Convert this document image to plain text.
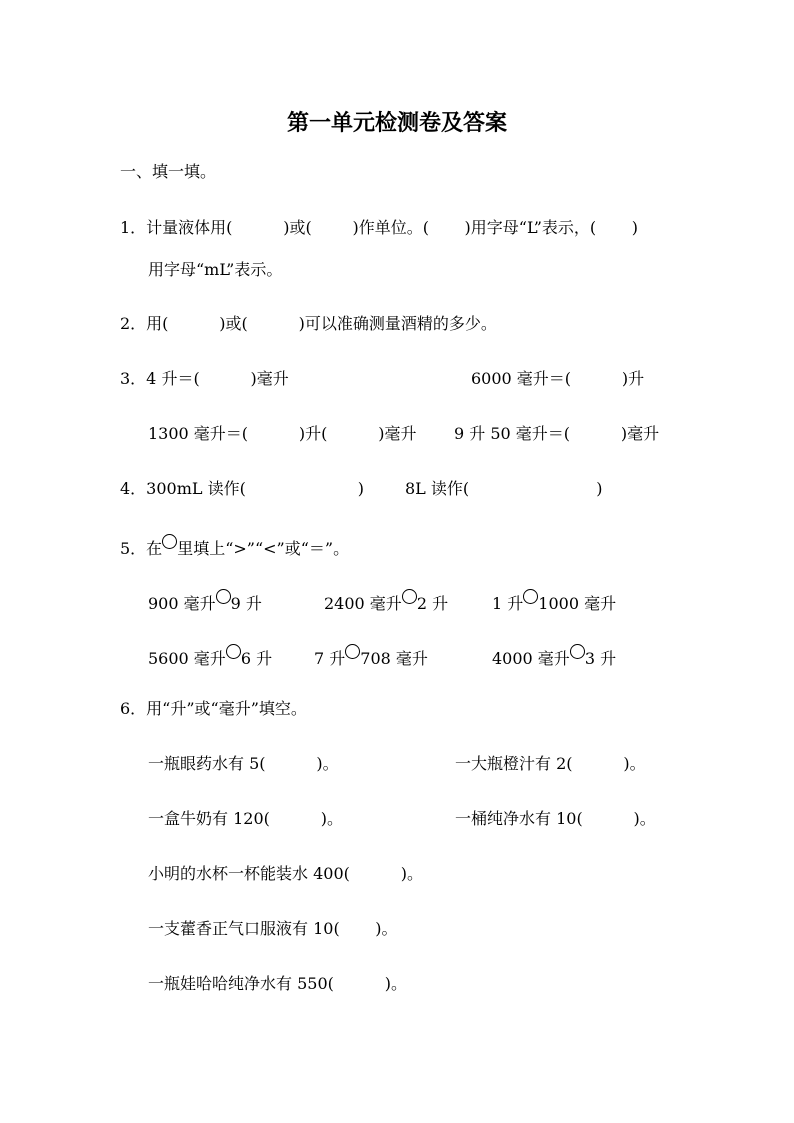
第一单元检测卷及答案
一、填一填。
1．计量液体用(          )或(        )作单位。(       )用字母“L”表示，(       )
用字母“mL”表示。
2．用(          )或(          )可以准确测量酒精的多少。
3．4 升＝(          )毫升	6000 毫升＝(          )升
1300 毫升＝(          )升(          )毫升 9 升 50 毫升＝(          )毫升
4．300mL 读作(                      )	8L 读作(                         )
5．在 里填上“>”“<”或“＝”。
900 毫升 9 升	2400 毫升 2 升	1 升 1000 毫升
5600 毫升 6 升	7 升 708 毫升	4000 毫升 3 升
6．用“升”或“毫升”填空。
一瓶眼药水有 5(          )。	一大瓶橙汁有 2(          )。
一盒牛奶有 120(          )。	一桶纯净水有 10(          )。
小明的水杯一杯能装水 400(          )。
一支藿香正气口服液有 10(       )。
一瓶娃哈哈纯净水有 550(          )。
